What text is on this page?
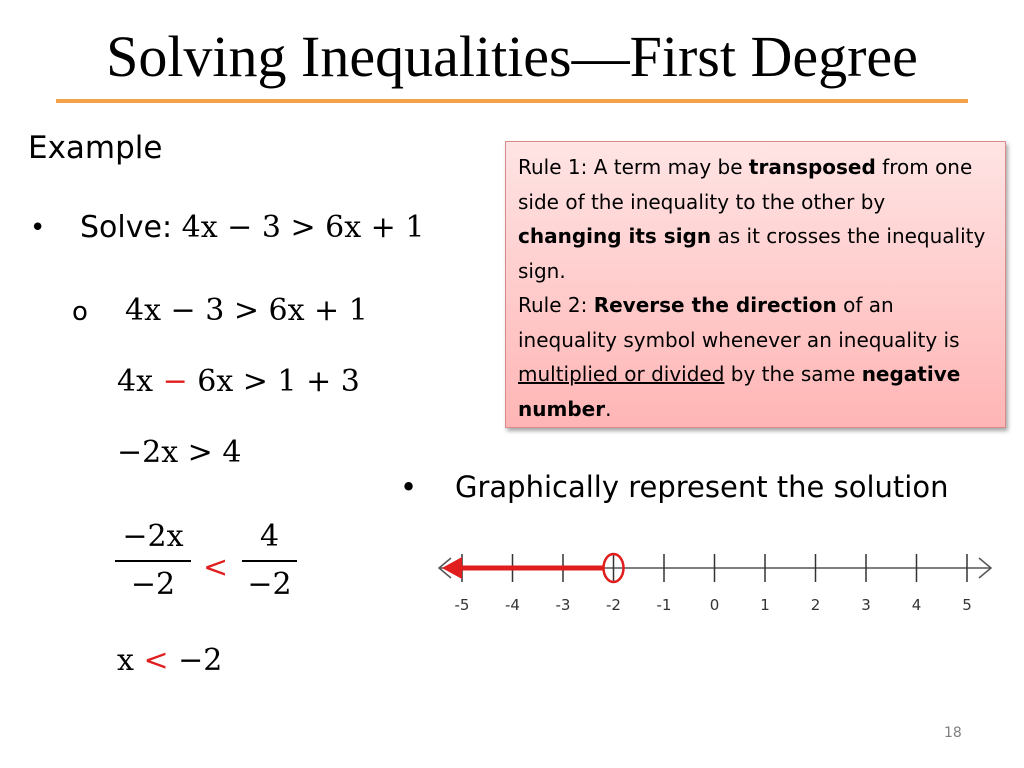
Solving Inequalities—First Degree
Example
• Solve: 4x − 3 > 6x + 1
o 4x − 3 > 6x + 1
4x − 6x > 1 + 3
−2x > 4
−2x
−2 <
4
−2
x < −2
Rule 1: A term may be transposed from one side of the inequality to the other by changing its sign as it crosses the inequality sign.
Rule 2: Reverse the direction of an inequality symbol whenever an inequality is multiplied or divided by the same negative number.
• Graphically represent the solution
-5 -4 -3 -2 -1	0	1	2	3	4	5
18
